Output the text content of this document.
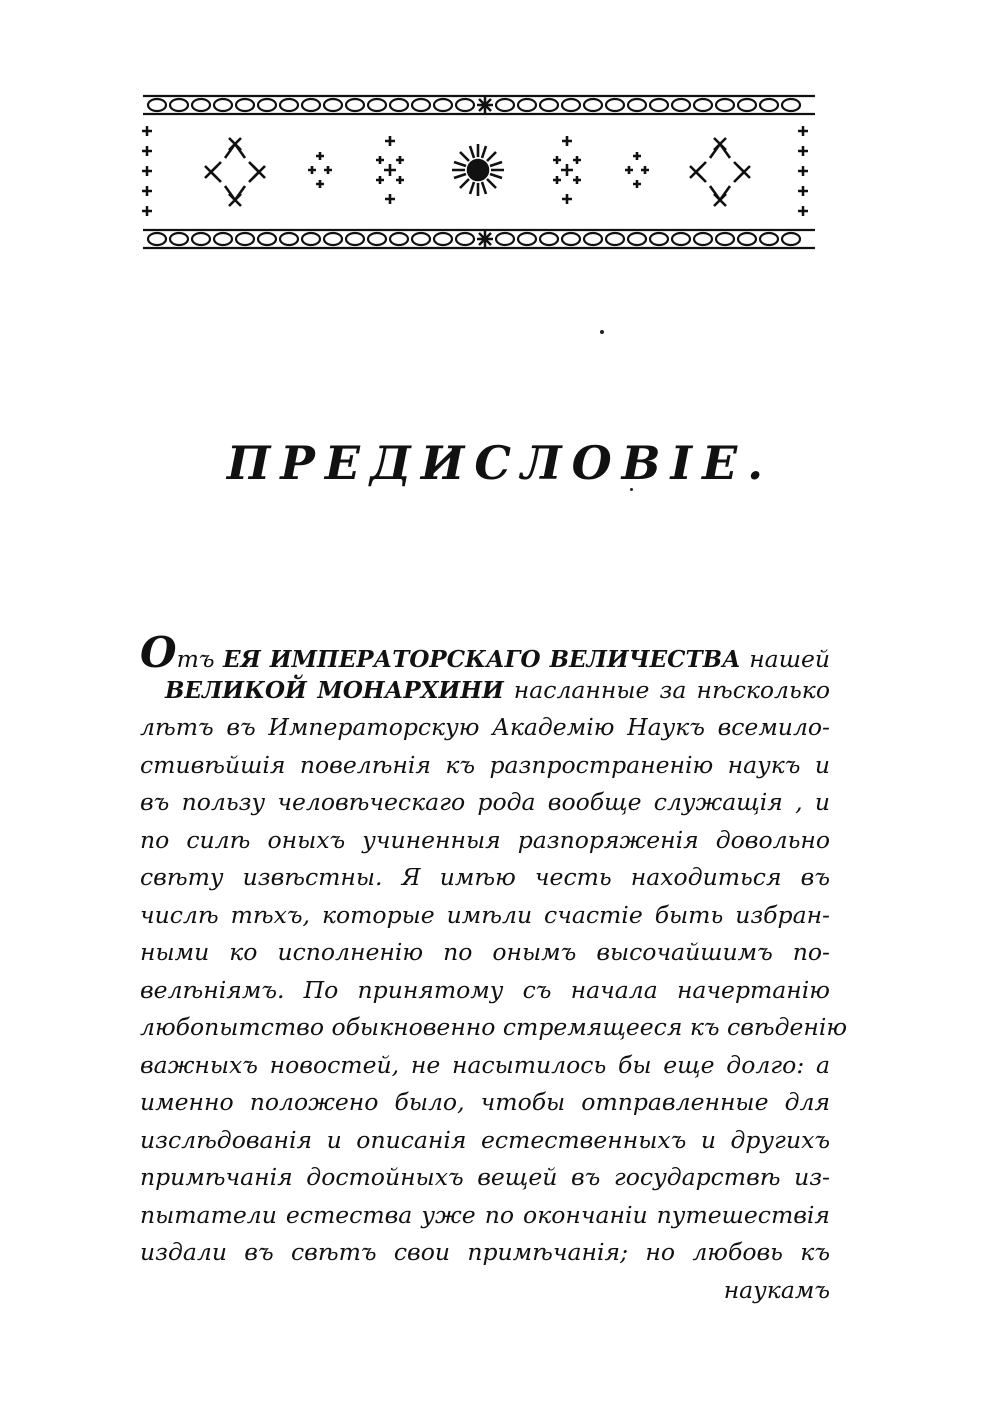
ПРЕДИСЛОВIЕ.
Отъ ЕЯ ИМПЕРАТОРСКАГО ВЕЛИЧЕСТВА нашей
ВЕЛИКОЙ МОНАРХИНИ насланные за нѣсколько
лѣтъ въ Императорскую Академiю Наукъ всемило-
стивѣйшiя повелѣнiя къ разпространенiю наукъ и
въ пользу человѣческаго рода вообще служащiя , и
по силѣ оныхъ учиненныя разпоряженiя довольно
свѣту извѣстны. Я имѣю честь находиться въ
числѣ тѣхъ, которые имѣли счастiе быть избран-
ными ко исполненiю по онымъ высочайшимъ по-
велѣнiямъ. По принятому съ начала начертанiю
любопытство обыкновенно стремящееся къ свѣденiю
важныхъ новостей, не насытилось бы еще долго: а
именно положено было, чтобы отправленные для
изслѣдованiя и описанiя естественныхъ и другихъ
примѣчанiя достойныхъ вещей въ государствѣ из-
пытатели естества уже по окончанiи путешествiя
издали въ свѣтъ свои примѣчанiя; но любовь къ
наукамъ
